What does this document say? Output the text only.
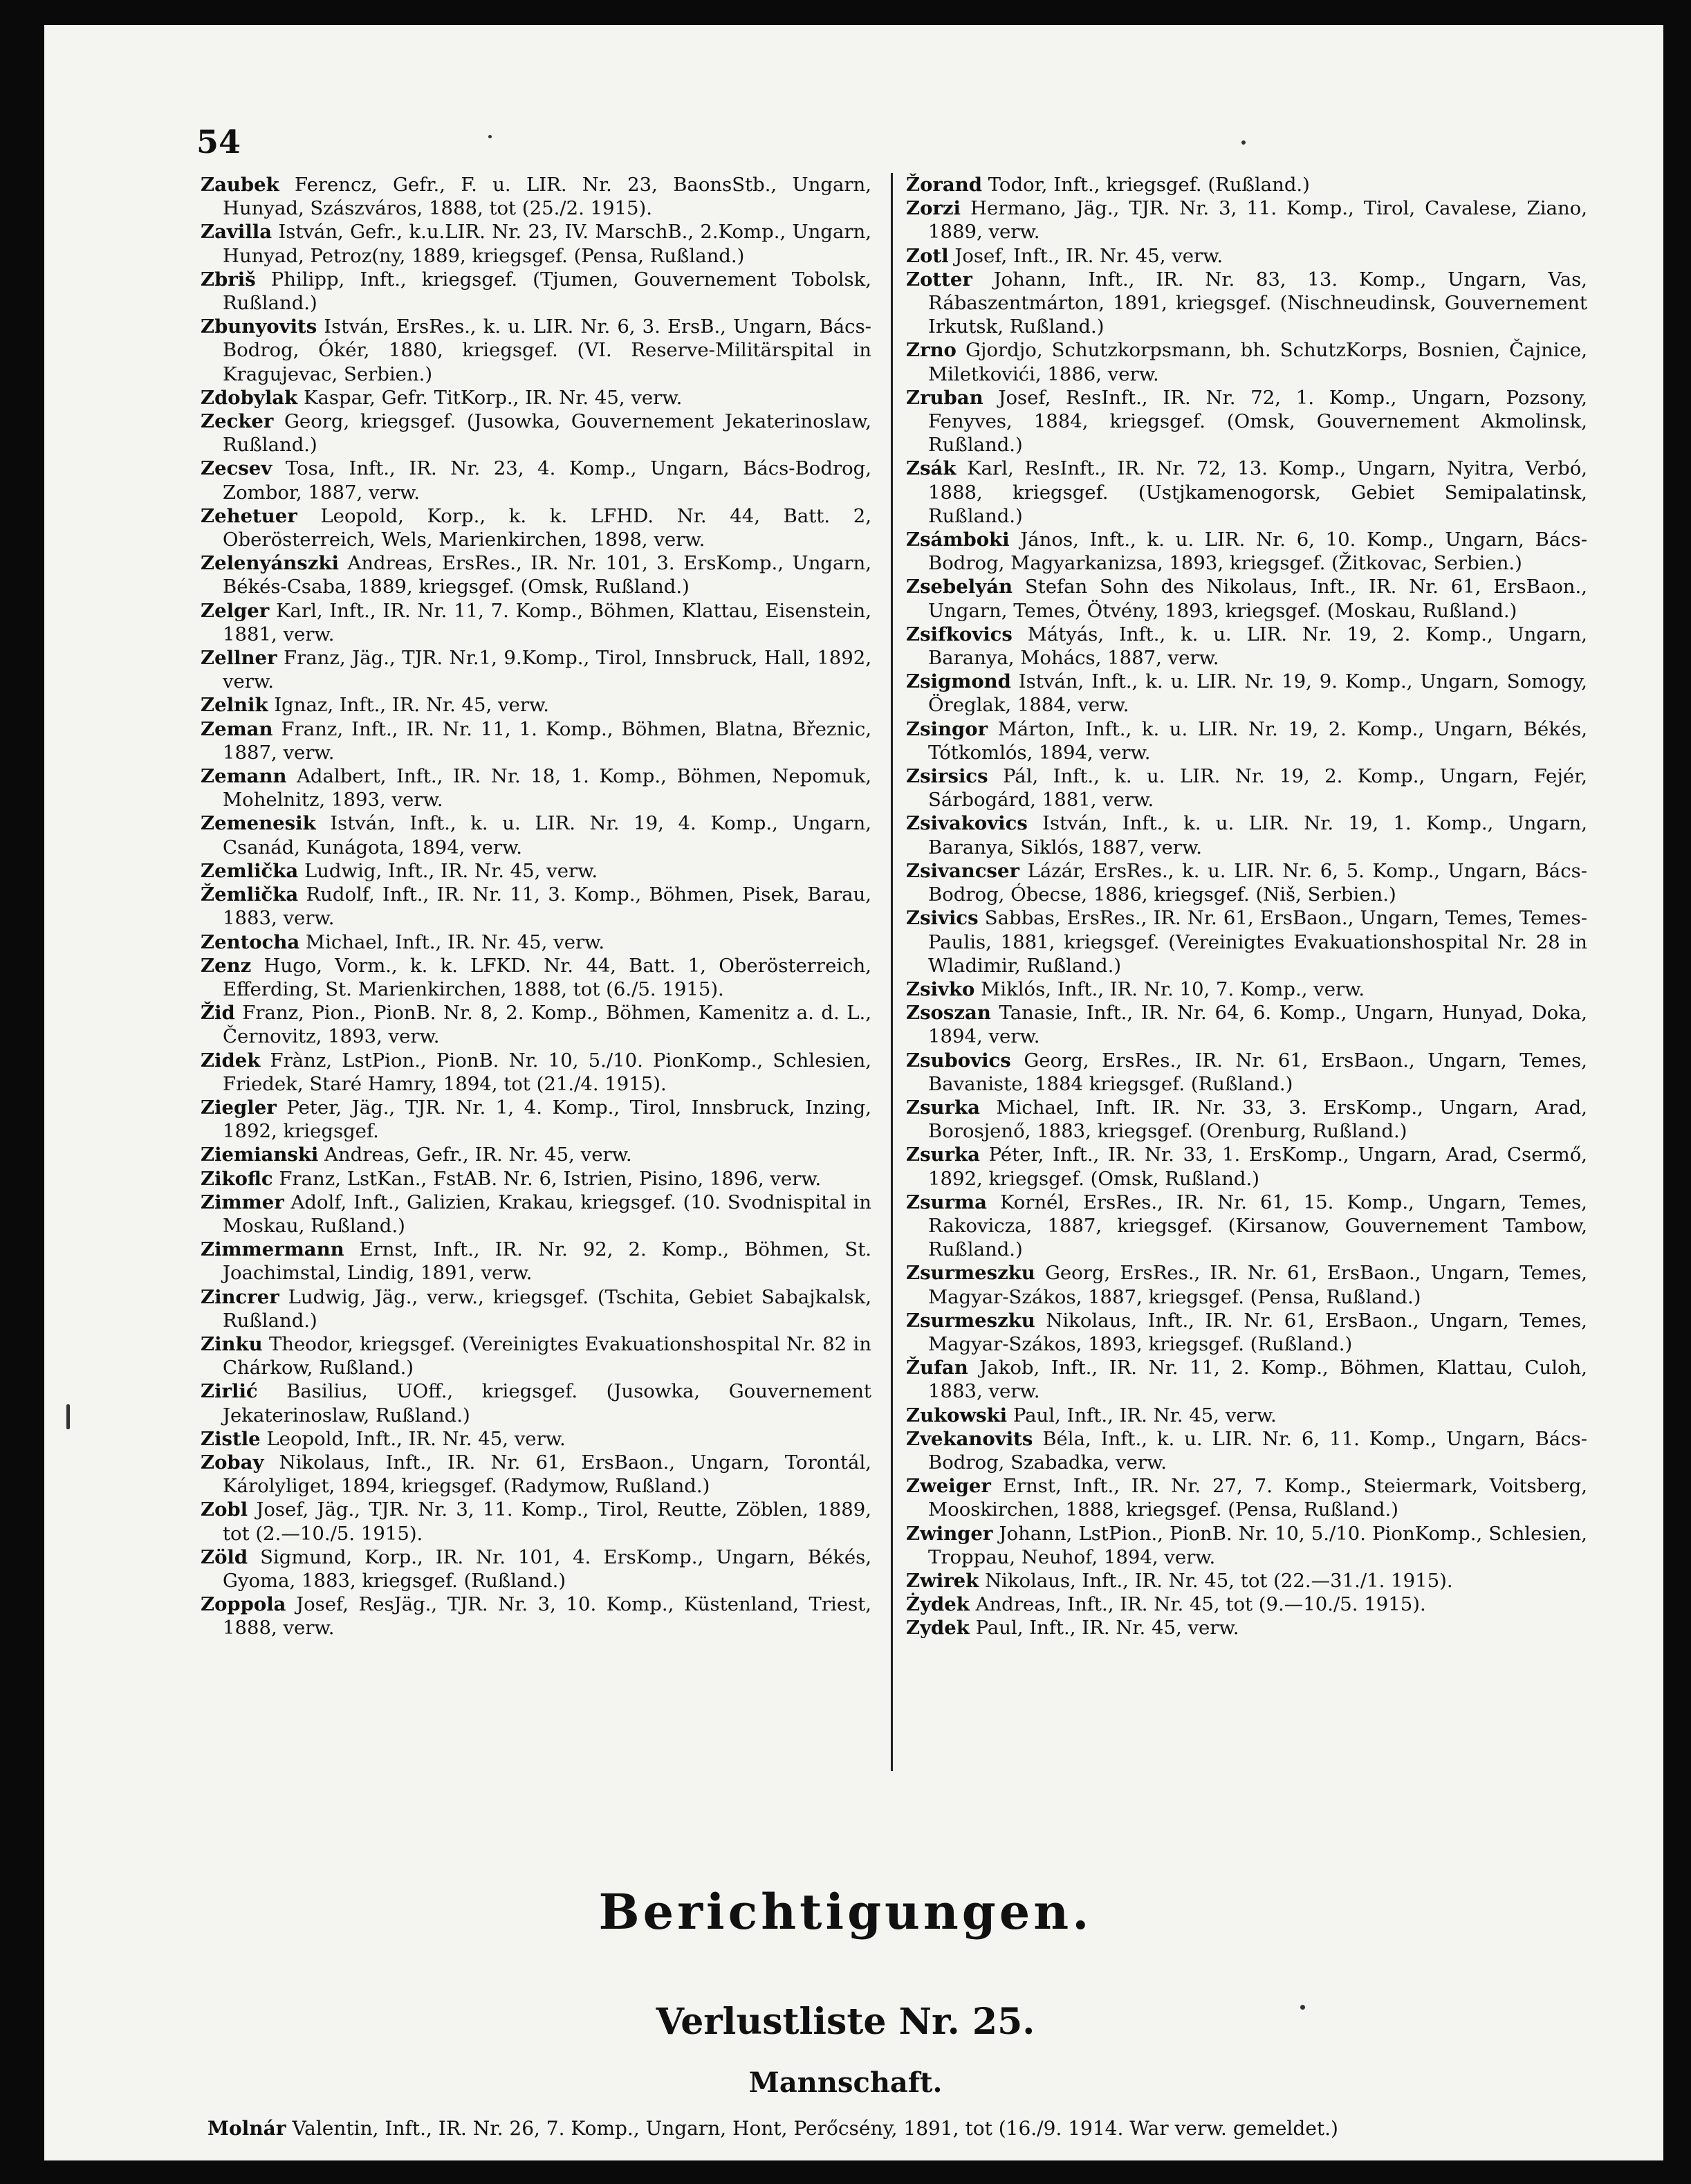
54

Zaubek Ferencz, Gefr., F. u. LIR. Nr. 23, BaonsStb., Ungarn, Hunyad, Szászváros, 1888, tot (25./2. 1915).

Zavilla István, Gefr., k.u.LIR. Nr. 23, IV. MarschB., 2.Komp., Ungarn, Hunyad, Petroz(ny, 1889, kriegsgef. (Pensa, Rußland.)

Zbriš Philipp, Inft., kriegsgef. (Tjumen, Gouvernement Tobolsk, Rußland.)

Zbunyovits István, ErsRes., k. u. LIR. Nr. 6, 3. ErsB., Ungarn, Bács-Bodrog, Ókér, 1880, kriegsgef. (VI. Reserve-Militärspital in Kragujevac, Serbien.)

Zdobylak Kaspar, Gefr. TitKorp., IR. Nr. 45, verw.

Zecker Georg, kriegsgef. (Jusowka, Gouvernement Jekaterinoslaw, Rußland.)

Zecsev Tosa, Inft., IR. Nr. 23, 4. Komp., Ungarn, Bács-Bodrog, Zombor, 1887, verw.

Zehetuer Leopold, Korp., k. k. LFHD. Nr. 44, Batt. 2, Oberösterreich, Wels, Marienkirchen, 1898, verw.

Zelenyánszki Andreas, ErsRes., IR. Nr. 101, 3. ErsKomp., Ungarn, Békés-Csaba, 1889, kriegsgef. (Omsk, Rußland.)

Zelger Karl, Inft., IR. Nr. 11, 7. Komp., Böhmen, Klattau, Eisenstein, 1881, verw.

Zellner Franz, Jäg., TJR. Nr.1, 9.Komp., Tirol, Innsbruck, Hall, 1892, verw.

Zelnik Ignaz, Inft., IR. Nr. 45, verw.

Zeman Franz, Inft., IR. Nr. 11, 1. Komp., Böhmen, Blatna, Březnic, 1887, verw.

Zemann Adalbert, Inft., IR. Nr. 18, 1. Komp., Böhmen, Nepomuk, Mohelnitz, 1893, verw.

Zemenesik István, Inft., k. u. LIR. Nr. 19, 4. Komp., Ungarn, Csanád, Kunágota, 1894, verw.

Zemlička Ludwig, Inft., IR. Nr. 45, verw.

Žemlička Rudolf, Inft., IR. Nr. 11, 3. Komp., Böhmen, Pisek, Barau, 1883, verw.

Zentocha Michael, Inft., IR. Nr. 45, verw.

Zenz Hugo, Vorm., k. k. LFKD. Nr. 44, Batt. 1, Oberösterreich, Efferding, St. Marienkirchen, 1888, tot (6./5. 1915).

Žid Franz, Pion., PionB. Nr. 8, 2. Komp., Böhmen, Kamenitz a. d. L., Černovitz, 1893, verw.

Zidek Frànz, LstPion., PionB. Nr. 10, 5./10. PionKomp., Schlesien, Friedek, Staré Hamry, 1894, tot (21./4. 1915).

Ziegler Peter, Jäg., TJR. Nr. 1, 4. Komp., Tirol, Innsbruck, Inzing, 1892, kriegsgef.

Ziemianski Andreas, Gefr., IR. Nr. 45, verw.

Zikoflc Franz, LstKan., FstAB. Nr. 6, Istrien, Pisino, 1896, verw.

Zimmer Adolf, Inft., Galizien, Krakau, kriegsgef. (10. Svodnispital in Moskau, Rußland.)

Zimmermann Ernst, Inft., IR. Nr. 92, 2. Komp., Böhmen, St. Joachimstal, Lindig, 1891, verw.

Zincrer Ludwig, Jäg., verw., kriegsgef. (Tschita, Gebiet Sabajkalsk, Rußland.)

Zinku Theodor, kriegsgef. (Vereinigtes Evakuationshospital Nr. 82 in Chárkow, Rußland.)

Zirlić Basilius, UOff., kriegsgef. (Jusowka, Gouvernement Jekaterinoslaw, Rußland.)

Zistle Leopold, Inft., IR. Nr. 45, verw.

Zobay Nikolaus, Inft., IR. Nr. 61, ErsBaon., Ungarn, Torontál, Károlyliget, 1894, kriegsgef. (Radymow, Rußland.)

Zobl Josef, Jäg., TJR. Nr. 3, 11. Komp., Tirol, Reutte, Zöblen, 1889, tot (2.—10./5. 1915).

Zöld Sigmund, Korp., IR. Nr. 101, 4. ErsKomp., Ungarn, Békés, Gyoma, 1883, kriegsgef. (Rußland.)

Zoppola Josef, ResJäg., TJR. Nr. 3, 10. Komp., Küstenland, Triest, 1888, verw.

Žorand Todor, Inft., kriegsgef. (Rußland.)

Zorzi Hermano, Jäg., TJR. Nr. 3, 11. Komp., Tirol, Cavalese, Ziano, 1889, verw.

Zotl Josef, Inft., IR. Nr. 45, verw.

Zotter Johann, Inft., IR. Nr. 83, 13. Komp., Ungarn, Vas, Rábaszentmárton, 1891, kriegsgef. (Nischneudinsk, Gouvernement Irkutsk, Rußland.)

Zrno Gjordjo, Schutzkorpsmann, bh. SchutzKorps, Bosnien, Čajnice, Miletkovići, 1886, verw.

Zruban Josef, ResInft., IR. Nr. 72, 1. Komp., Ungarn, Pozsony, Fenyves, 1884, kriegsgef. (Omsk, Gouvernement Akmolinsk, Rußland.)

Zsák Karl, ResInft., IR. Nr. 72, 13. Komp., Ungarn, Nyitra, Verbó, 1888, kriegsgef. (Ustjkamenogorsk, Gebiet Semipalatinsk, Rußland.)

Zsámboki János, Inft., k. u. LIR. Nr. 6, 10. Komp., Ungarn, Bács-Bodrog, Magyarkanizsa, 1893, kriegsgef. (Žitkovac, Serbien.)

Zsebelyán Stefan Sohn des Nikolaus, Inft., IR. Nr. 61, ErsBaon., Ungarn, Temes, Ötvény, 1893, kriegsgef. (Moskau, Rußland.)

Zsifkovics Mátyás, Inft., k. u. LIR. Nr. 19, 2. Komp., Ungarn, Baranya, Mohács, 1887, verw.

Zsigmond István, Inft., k. u. LIR. Nr. 19, 9. Komp., Ungarn, Somogy, Öreglak, 1884, verw.

Zsingor Márton, Inft., k. u. LIR. Nr. 19, 2. Komp., Ungarn, Békés, Tótkomlós, 1894, verw.

Zsirsics Pál, Inft., k. u. LIR. Nr. 19, 2. Komp., Ungarn, Fejér, Sárbogárd, 1881, verw.

Zsivakovics István, Inft., k. u. LIR. Nr. 19, 1. Komp., Ungarn, Baranya, Siklós, 1887, verw.

Zsivancser Lázár, ErsRes., k. u. LIR. Nr. 6, 5. Komp., Ungarn, Bács-Bodrog, Óbecse, 1886, kriegsgef. (Niš, Serbien.)

Zsivics Sabbas, ErsRes., IR. Nr. 61, ErsBaon., Ungarn, Temes, Temes-Paulis, 1881, kriegsgef. (Vereinigtes Evakuationshospital Nr. 28 in Wladimir, Rußland.)

Zsivko Miklós, Inft., IR. Nr. 10, 7. Komp., verw.

Zsoszan Tanasie, Inft., IR. Nr. 64, 6. Komp., Ungarn, Hunyad, Doka, 1894, verw.

Zsubovics Georg, ErsRes., IR. Nr. 61, ErsBaon., Ungarn, Temes, Bavaniste, 1884 kriegsgef. (Rußland.)

Zsurka Michael, Inft. IR. Nr. 33, 3. ErsKomp., Ungarn, Arad, Borosjenő, 1883, kriegsgef. (Orenburg, Rußland.)

Zsurka Péter, Inft., IR. Nr. 33, 1. ErsKomp., Ungarn, Arad, Csermő, 1892, kriegsgef. (Omsk, Rußland.)

Zsurma Kornél, ErsRes., IR. Nr. 61, 15. Komp., Ungarn, Temes, Rakovicza, 1887, kriegsgef. (Kirsanow, Gouvernement Tambow, Rußland.)

Zsurmeszku Georg, ErsRes., IR. Nr. 61, ErsBaon., Ungarn, Temes, Magyar-Szákos, 1887, kriegsgef. (Pensa, Rußland.)

Zsurmeszku Nikolaus, Inft., IR. Nr. 61, ErsBaon., Ungarn, Temes, Magyar-Szákos, 1893, kriegsgef. (Rußland.)

Žufan Jakob, Inft., IR. Nr. 11, 2. Komp., Böhmen, Klattau, Culoh, 1883, verw.

Zukowski Paul, Inft., IR. Nr. 45, verw.

Zvekanovits Béla, Inft., k. u. LIR. Nr. 6, 11. Komp., Ungarn, Bács-Bodrog, Szabadka, verw.

Zweiger Ernst, Inft., IR. Nr. 27, 7. Komp., Steiermark, Voitsberg, Mooskirchen, 1888, kriegsgef. (Pensa, Rußland.)

Zwinger Johann, LstPion., PionB. Nr. 10, 5./10. PionKomp., Schlesien, Troppau, Neuhof, 1894, verw.

Zwirek Nikolaus, Inft., IR. Nr. 45, tot (22.—31./1. 1915).

Żydek Andreas, Inft., IR. Nr. 45, tot (9.—10./5. 1915).

Zydek Paul, Inft., IR. Nr. 45, verw.

Berichtigungen.
Verlustliste Nr. 25.
Mannschaft.

Molnár Valentin, Inft., IR. Nr. 26, 7. Komp., Ungarn, Hont, Perőcsény, 1891, tot (16./9. 1914. War verw. gemeldet.)
